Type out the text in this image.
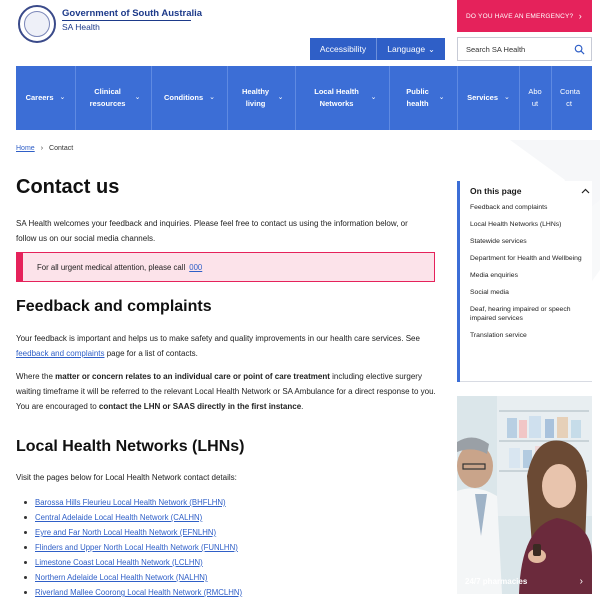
Government of South Australia
SA Health
DO YOU HAVE AN EMERGENCY? ›
Accessibility	Language ⌄	Search SA Health
Careers ⌄
Clinical resources
⌄	Conditions ⌄
Healthy living
⌄
Local Health Networks
⌄
Public health
⌄	Services ⌄
Abo ut
Conta ct
Home › Contact
Contact us

SA Health welcomes your feedback and inquiries. Please feel free to contact us using the information below, or follow us on our social media channels.

For all urgent medical attention, please call 000
Feedback and complaints

Your feedback is important and helps us to make safety and quality improvements in our health care services. See feedback and complaints page for a list of contacts.

Where the matter or concern relates to an individual care or point of care treatment including elective surgery waiting timeframe it will be referred to the relevant Local Health Network or SA Ambulance for a direct response to you. You are encouraged to contact the LHN or SAAS directly in the first instance.

Local Health Networks (LHNs)

Visit the pages below for Local Health Network contact details:

Barossa Hills Fleurieu Local Health Network (BHFLHN)
Central Adelaide Local Health Network (CALHN)
Eyre and Far North Local Health Network (EFNLHN)
Flinders and Upper North Local Health Network (FUNLHN)
Limestone Coast Local Health Network (LCLHN)
Northern Adelaide Local Health Network (NALHN)
Riverland Mallee Coorong Local Health Network (RMCLHN)
On this page
Feedback and complaints
Local Health Networks (LHNs)
Statewide services
Department for Health and Wellbeing
Media enquiries
Social media
Deaf, hearing impaired or speech impaired services
Translation service
24/7 pharmacies	›
